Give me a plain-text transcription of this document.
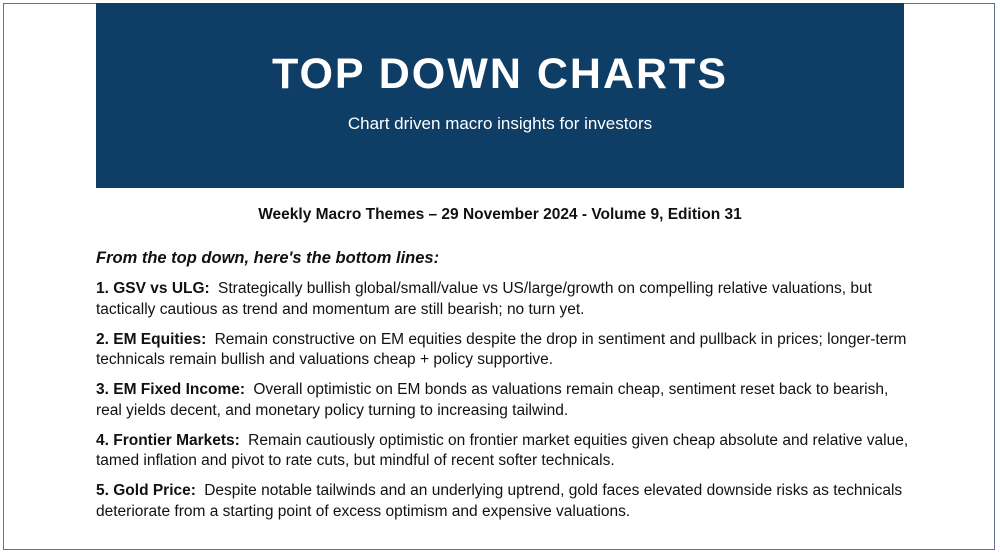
TOP DOWN CHARTS
Chart driven macro insights for investors
Weekly Macro Themes – 29 November 2024 - Volume 9, Edition 31
From the top down, here's the bottom lines:
1. GSV vs ULG: Strategically bullish global/small/value vs US/large/growth on compelling relative valuations, but tactically cautious as trend and momentum are still bearish; no turn yet.
2. EM Equities: Remain constructive on EM equities despite the drop in sentiment and pullback in prices; longer-term technicals remain bullish and valuations cheap + policy supportive.
3. EM Fixed Income: Overall optimistic on EM bonds as valuations remain cheap, sentiment reset back to bearish, real yields decent, and monetary policy turning to increasing tailwind.
4. Frontier Markets: Remain cautiously optimistic on frontier market equities given cheap absolute and relative value, tamed inflation and pivot to rate cuts, but mindful of recent softer technicals.
5. Gold Price: Despite notable tailwinds and an underlying uptrend, gold faces elevated downside risks as technicals deteriorate from a starting point of excess optimism and expensive valuations.
